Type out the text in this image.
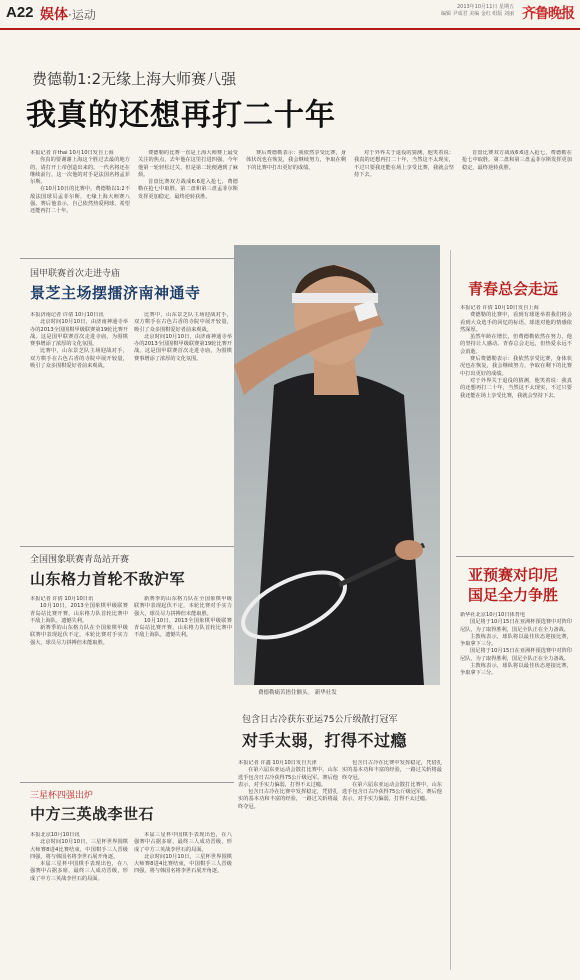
A22 娱体·运动
2013年10月11日 星期五
编辑 尹成君 美编 金红 组版 刘丽 齐鲁晚报
费德勒1:2无缘上海大师赛八强
我真的还想再打二十年
本报记者 许thai 10月10日发自上海

你真的要谢谢上海这个胜过去最的地方的，请打开上帝创造出来的。一代名将还在继续前行，这一次他的对手是法国名将孟菲尔斯。

在10月10日的比赛中，费德勒以1:2不敌法国球员孟菲尔斯，无缘上海大师赛八强。赛后他表示，自己依然热爱网球，希望还能再打二十年。

费德勒的比赛一直是上海大师赛上最受关注的焦点，去年他在这里打进四强，今年他第一轮轻松过关，但是第二轮便遇到了麻烦。

首盘比赛双方战成6:6进入抢七，费德勒在抢七中取胜。第二盘和第三盘孟菲尔斯发挥更加稳定，最终逆转获胜。

赛后费德勒表示：我依然享受比赛，身体状况也在恢复，我会继续努力，争取在剩下的比赛中打出更好的成绩。

对于外界关于退役的猜测，他笑着说：我真的还想再打二十年，当然这不太现实，不过只要我还能在场上享受比赛，我就会坚持下去。

首盘比赛双方战成6:6进入抢七，费德勒在抢七中取胜。第二盘和第三盘孟菲尔斯发挥更加稳定，最终逆转获胜。

国甲联赛首次走进寺庙
景芝主场摆擂济南神通寺
本报济南记者 许倩 10月10日讯

北京时间10月10日，由济南神通寺举办的2013全国围棋甲级联赛第19轮比赛开战。这是国甲联赛首次走进寺庙，为围棋赛事增添了浓厚的文化氛围。

比赛中，山东景芝队主场迎战对手，双方棋手在古色古香的寺院中展开较量，吸引了众多围棋爱好者前来观战。

比赛中，山东景芝队主场迎战对手，双方棋手在古色古香的寺院中展开较量，吸引了众多围棋爱好者前来观战。

北京时间10月10日，由济南神通寺举办的2013全国围棋甲级联赛第19轮比赛开战。这是国甲联赛首次走进寺庙，为围棋赛事增添了浓厚的文化氛围。

全国围象联赛青岛站开赛
山东格力首轮不敌沪军
本报记者 许倩 10月10日讯

10月10日，2013全国象棋甲级联赛青岛站比赛开赛，山东格力队首轮比赛中不敌上海队，遗憾失利。

新赛季的山东格力队在全国象棋甲级联赛中表现起伏不定，本轮比赛对手实力强大，球员尽力拼搏但未能取胜。

新赛季的山东格力队在全国象棋甲级联赛中表现起伏不定，本轮比赛对手实力强大，球员尽力拼搏但未能取胜。

10月10日，2013全国象棋甲级联赛青岛站比赛开赛，山东格力队首轮比赛中不敌上海队，遗憾失利。

三星杯四强出炉
中方三英战李世石
本报北京10月10日讯

北京时间10月10日，三星杯世界围棋大师赛8进4比赛结束，中国棋手三人晋级四强，将与韩国名将李世石展开角逐。

本届三星杯中国棋手表现出色，在八强赛中占据多席，最终三人成功晋级，形成了中方三英战李世石的局面。

本届三星杯中国棋手表现出色，在八强赛中占据多席，最终三人成功晋级，形成了中方三英战李世石的局面。

北京时间10月10日，三星杯世界围棋大师赛8进4比赛结束，中国棋手三人晋级四强，将与韩国名将李世石展开角逐。

费德勒痛苦捂住额头。 新华社发
包含日古冷获东亚运75公斤级散打冠军
对手太弱，打得不过瘾
本报记者 许鑫 10月10日发自天津

在第六届东亚运动会散打比赛中，山东选手包含日古冷获得75公斤级冠军。赛后他表示，对手实力偏弱，打得不太过瘾。

包含日古冷在比赛中发挥稳定，凭借扎实的基本功和丰富的经验，一路过关斩将最终夺冠。

包含日古冷在比赛中发挥稳定，凭借扎实的基本功和丰富的经验，一路过关斩将最终夺冠。

在第六届东亚运动会散打比赛中，山东选手包含日古冷获得75公斤级冠军。赛后他表示，对手实力偏弱，打得不太过瘾。

青春总会走远
本报记者 许倩 10月10日发自上海

费德勒的比赛中，看到有球迷举着我们将会看到大众选手的回忆的标语，球迷对他的情感依然深厚。

虽然年龄在增长，但费德勒依然在努力，他的坚持让人感动。青春总会走远，但热爱永远不会消逝。

赛后费德勒表示：我依然享受比赛，身体状况也在恢复，我会继续努力，争取在剩下的比赛中打出更好的成绩。

对于外界关于退役的猜测，他笑着说：我真的还想再打二十年，当然这不太现实，不过只要我还能在场上享受比赛，我就会坚持下去。

亚预赛对印尼
国足全力争胜
新华社北京10月10日体育电

国足将于10月15日在亚洲杯预选赛中对阵印尼队，为了取得胜利，国足全队正在全力备战。

主教练表示，球队将以最佳状态迎接比赛，争取拿下三分。

国足将于10月15日在亚洲杯预选赛中对阵印尼队，为了取得胜利，国足全队正在全力备战。

主教练表示，球队将以最佳状态迎接比赛，争取拿下三分。
